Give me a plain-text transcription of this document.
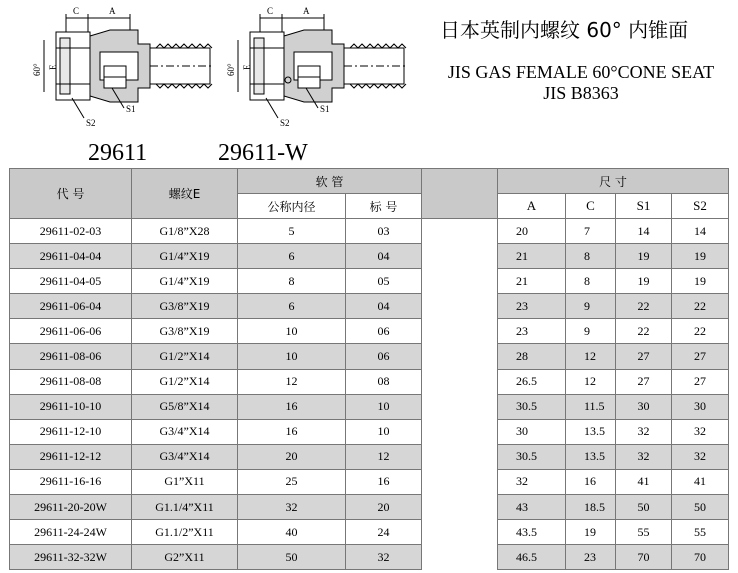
C	A
60° E
S2
S1
C	A
60° E
S2
S1
日本英制内螺纹 60° 内锥面
JIS GAS FEMALE 60°CONE SEAT
JIS B8363
29611	29611-W
代 号	螺纹E	软 管			尺 寸			
		公称内径	标 号		A	C	S1	S2
29611-02-03	G1/8”X28	5	03		20	7	14	14
29611-04-04	G1/4”X19	6	04		21	8	19	19
29611-04-05	G1/4”X19	8	05		21	8	19	19
29611-06-04	G3/8”X19	6	04		23	9	22	22
29611-06-06	G3/8”X19	10	06		23	9	22	22
29611-08-06	G1/2”X14	10	06		28	12	27	27
29611-08-08	G1/2”X14	12	08		26.5	12	27	27
29611-10-10	G5/8”X14	16	10		30.5	11.5	30	30
29611-12-10	G3/4”X14	16	10		30	13.5	32	32
29611-12-12	G3/4”X14	20	12		30.5	13.5	32	32
29611-16-16	G1”X11	25	16		32	16	41	41
29611-20-20W	G1.1/4”X11	32	20		43	18.5	50	50
29611-24-24W	G1.1/2”X11	40	24		43.5	19	55	55
29611-32-32W	G2”X11	50	32		46.5	23	70	70
